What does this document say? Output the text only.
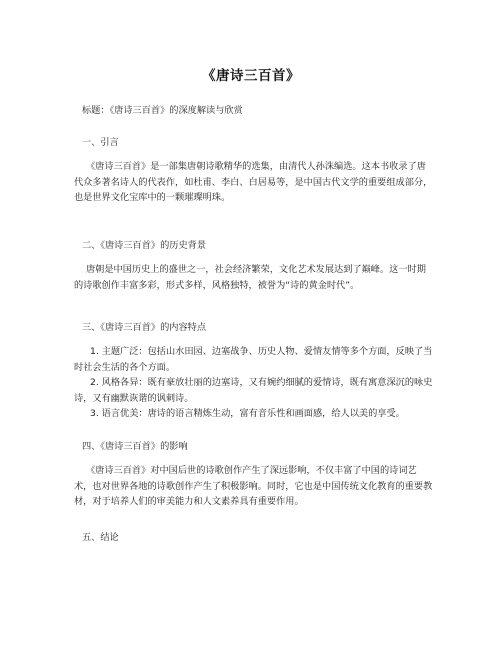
《唐诗三百首》
标题：《唐诗三百首》的深度解读与欣赏
一、引言

《唐诗三百首》是一部集唐朝诗歌精华的选集，由清代人孙洙编选。这本书收录了唐代众多著名诗人的代表作，如杜甫、李白、白居易等，是中国古代文学的重要组成部分，也是世界文化宝库中的一颗璀璨明珠。

二、《唐诗三百首》的历史背景

唐朝是中国历史上的盛世之一，社会经济繁荣，文化艺术发展达到了巅峰。这一时期的诗歌创作丰富多彩，形式多样，风格独特，被誉为“诗的黄金时代”。

三、《唐诗三百首》的内容特点

1. 主题广泛：包括山水田园、边塞战争、历史人物、爱情友情等多个方面，反映了当时社会生活的各个方面。

2. 风格各异：既有豪放壮丽的边塞诗，又有婉约细腻的爱情诗，既有寓意深沉的咏史诗，又有幽默诙谐的讽刺诗。

3. 语言优美：唐诗的语言精炼生动，富有音乐性和画面感，给人以美的享受。

四、《唐诗三百首》的影响

《唐诗三百首》对中国后世的诗歌创作产生了深远影响，不仅丰富了中国的诗词艺术，也对世界各地的诗歌创作产生了积极影响。同时，它也是中国传统文化教育的重要教材，对于培养人们的审美能力和人文素养具有重要作用。

五、结论
